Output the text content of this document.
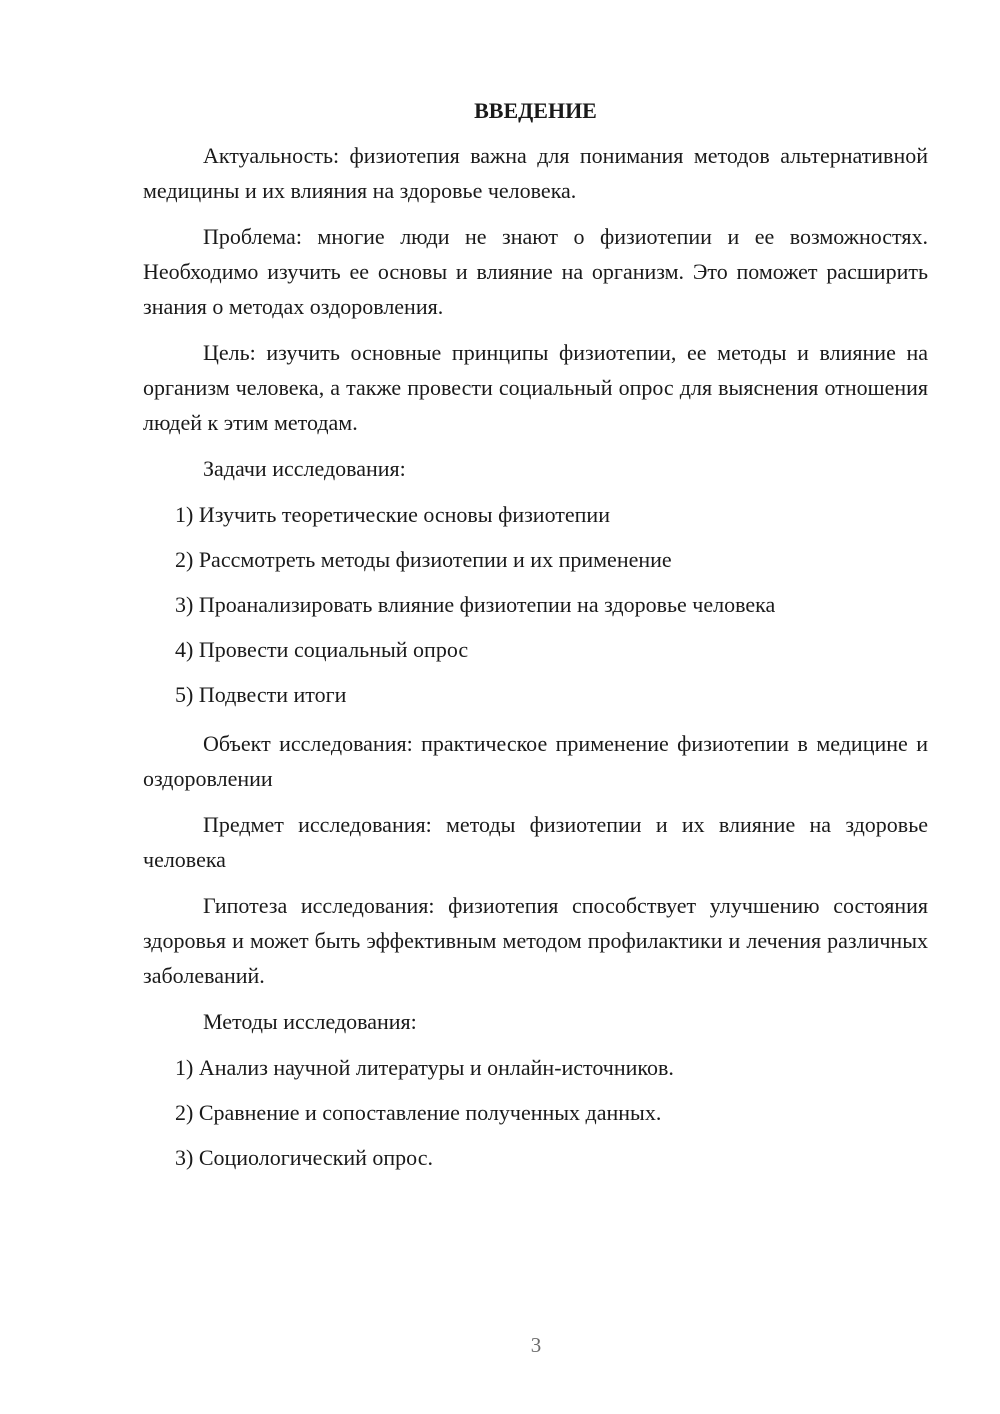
ВВЕДЕНИЕ

Актуальность: физиотепия важна для понимания методов альтернативной медицины и их влияния на здоровье человека.

Проблема: многие люди не знают о физиотепии и ее возможностях. Необходимо изучить ее основы и влияние на организм. Это поможет расширить знания о методах оздоровления.

Цель: изучить основные принципы физиотепии, ее методы и влияние на организм человека, а также провести социальный опрос для выяснения отношения людей к этим методам.

Задачи исследования:

1) Изучить теоретические основы физиотепии
2) Рассмотреть методы физиотепии и их применение
3) Проанализировать влияние физиотепии на здоровье человека
4) Провести социальный опрос
5) Подвести итоги

Объект исследования: практическое применение физиотепии в медицине и оздоровлении

Предмет исследования: методы физиотепии и их влияние на здоровье человека

Гипотеза исследования: физиотепия способствует улучшению состояния здоровья и может быть эффективным методом профилактики и лечения различных заболеваний.

Методы исследования:

1) Анализ научной литературы и онлайн-источников.
2) Сравнение и сопоставление полученных данных.
3) Социологический опрос.
3
